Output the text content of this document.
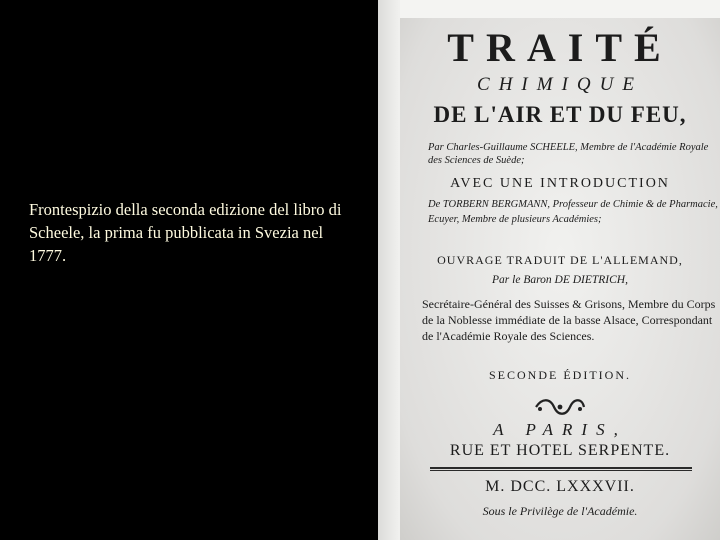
Frontespizio della seconda edizione del libro di Scheele, la prima fu pubblicata in Svezia nel 1777.
TRAITÉ
CHIMIQUE
DE L'AIR ET DU FEU,
Par Charles-Guillaume SCHEELE, Membre de l'Académie Royale des Sciences de Suède;
AVEC UNE INTRODUCTION
De TORBERN BERGMANN, Professeur de Chimie & de Pharmacie, Ecuyer, Membre de plusieurs Académies;
OUVRAGE TRADUIT DE L'ALLEMAND,
Par le Baron DE DIETRICH,
Secrétaire-Général des Suisses & Grisons, Membre du Corps de la Noblesse immédiate de la basse Alsace, Correspondant de l'Académie Royale des Sciences.
SECONDE ÉDITION.
A PARIS,
RUE ET HOTEL SERPENTE.
M. DCC. LXXXVII.
Sous le Privilège de l'Académie.
